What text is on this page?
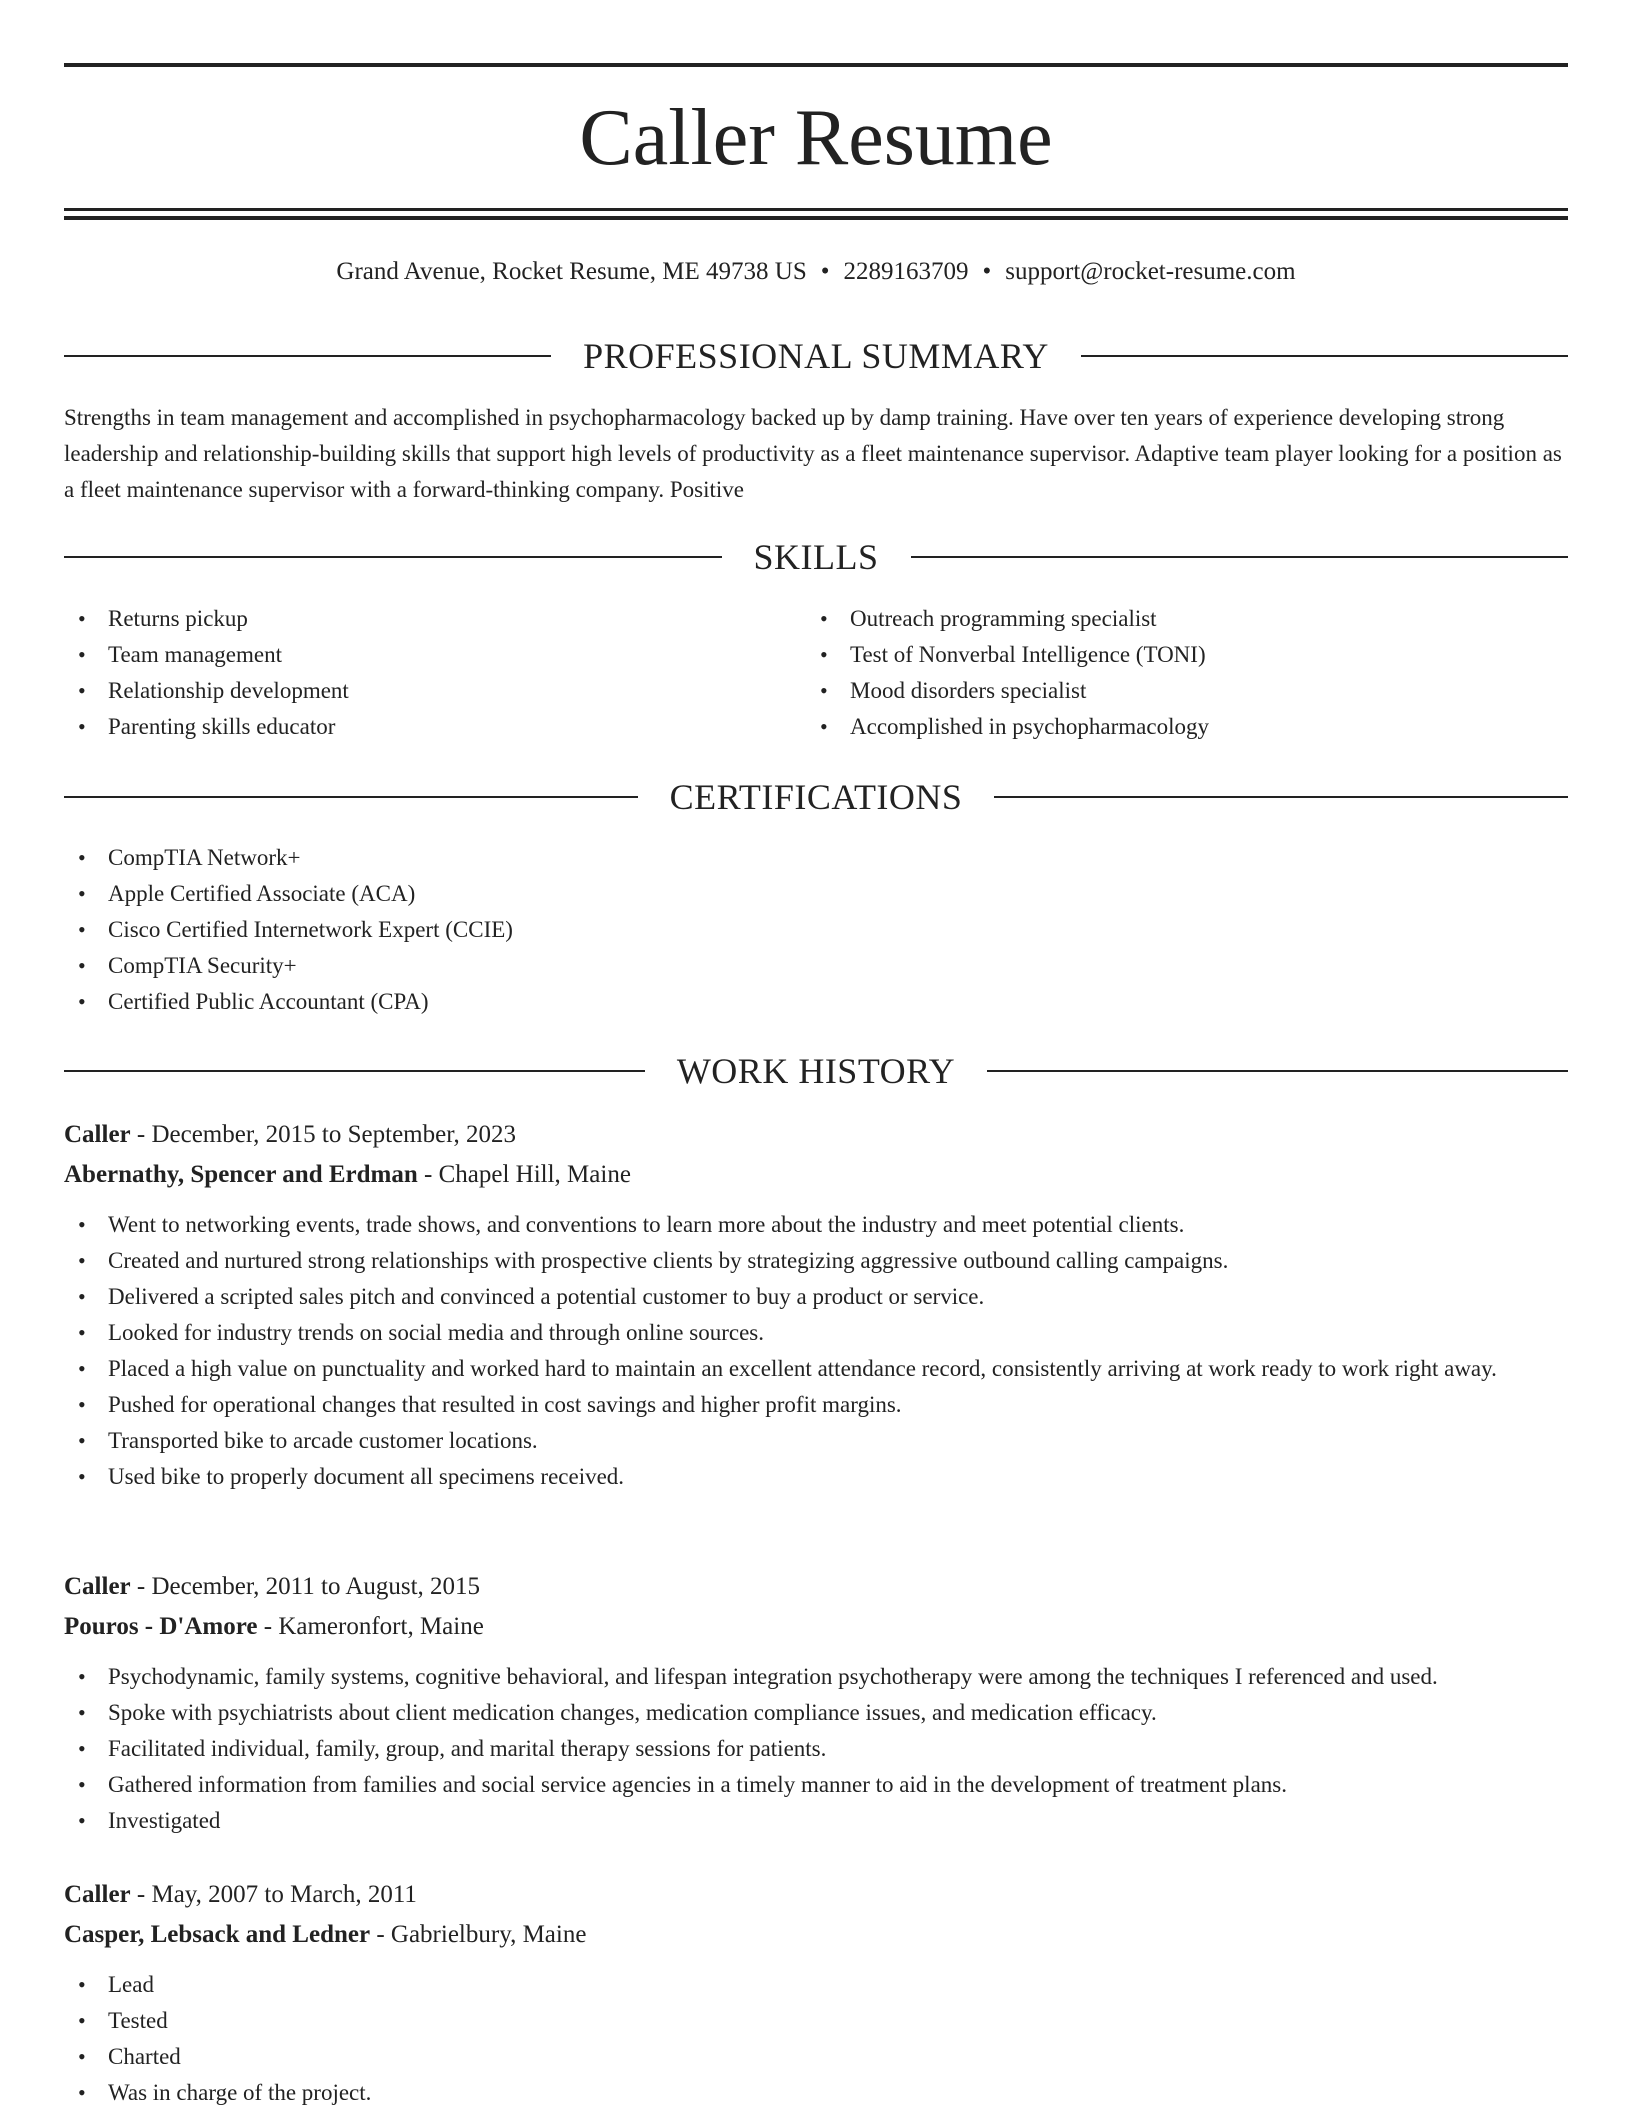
Caller Resume
Grand Avenue, Rocket Resume, ME 49738 US • 2289163709 • support@rocket-resume.com
PROFESSIONAL SUMMARY

Strengths in team management and accomplished in psychopharmacology backed up by damp training. Have over ten years of experience developing strong leadership and relationship-building skills that support high levels of productivity as a fleet maintenance supervisor. Adaptive team player looking for a position as a fleet maintenance supervisor with a forward-thinking company. Positive

SKILLS
• Returns pickup
• Team management
• Relationship development
• Parenting skills educator
• Outreach programming specialist
• Test of Nonverbal Intelligence (TONI)
• Mood disorders specialist
• Accomplished in psychopharmacology
CERTIFICATIONS
• CompTIA Network+
• Apple Certified Associate (ACA)
• Cisco Certified Internetwork Expert (CCIE)
• CompTIA Security+
• Certified Public Accountant (CPA)
WORK HISTORY
Caller - December, 2015 to September, 2023
Abernathy, Spencer and Erdman - Chapel Hill, Maine
• Went to networking events, trade shows, and conventions to learn more about the industry and meet potential clients.
• Created and nurtured strong relationships with prospective clients by strategizing aggressive outbound calling campaigns.
• Delivered a scripted sales pitch and convinced a potential customer to buy a product or service.
• Looked for industry trends on social media and through online sources.
• Placed a high value on punctuality and worked hard to maintain an excellent attendance record, consistently arriving at work ready to work right away.
• Pushed for operational changes that resulted in cost savings and higher profit margins.
• Transported bike to arcade customer locations.
• Used bike to properly document all specimens received.
Caller - December, 2011 to August, 2015
Pouros - D'Amore - Kameronfort, Maine
• Psychodynamic, family systems, cognitive behavioral, and lifespan integration psychotherapy were among the techniques I referenced and used.
• Spoke with psychiatrists about client medication changes, medication compliance issues, and medication efficacy.
• Facilitated individual, family, group, and marital therapy sessions for patients.
• Gathered information from families and social service agencies in a timely manner to aid in the development of treatment plans.
• Investigated
Caller - May, 2007 to March, 2011
Casper, Lebsack and Ledner - Gabrielbury, Maine
• Lead
• Tested
• Charted
• Was in charge of the project.
